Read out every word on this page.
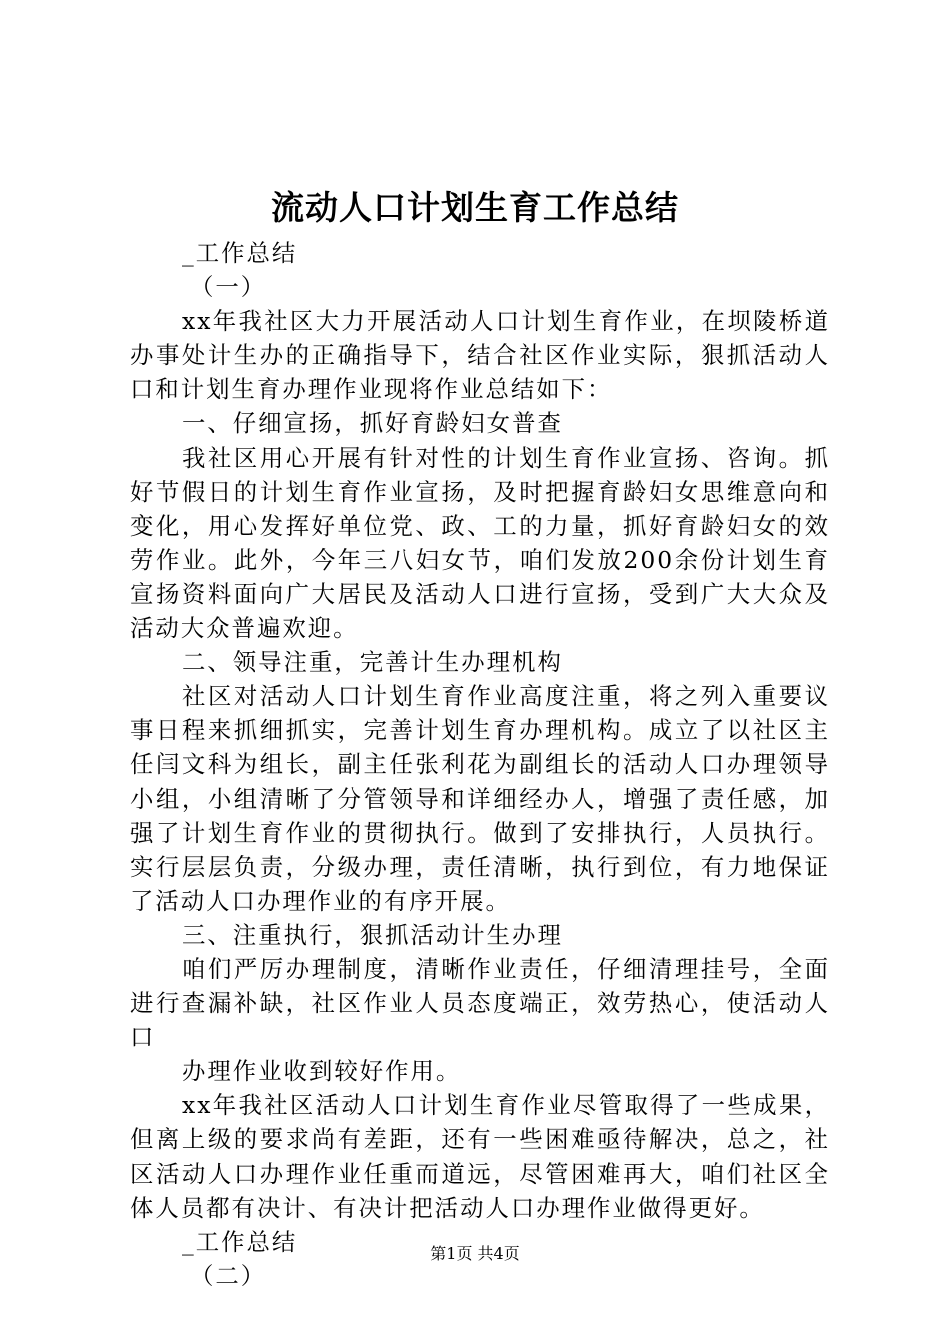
流动人口计划生育工作总结

_工作总结

（一）

xx年我社区大力开展活动人口计划生育作业，在坝陵桥道办事处计生办的正确指导下，结合社区作业实际，狠抓活动人口和计划生育办理作业现将作业总结如下：

一、仔细宣扬，抓好育龄妇女普查

我社区用心开展有针对性的计划生育作业宣扬、咨询。抓好节假日的计划生育作业宣扬，及时把握育龄妇女思维意向和变化，用心发挥好单位党、政、工的力量，抓好育龄妇女的效劳作业。此外，今年三八妇女节，咱们发放200余份计划生育宣扬资料面向广大居民及活动人口进行宣扬，受到广大大众及活动大众普遍欢迎。

二、领导注重，完善计生办理机构

社区对活动人口计划生育作业高度注重，将之列入重要议事日程来抓细抓实，完善计划生育办理机构。成立了以社区主任闫文科为组长，副主任张利花为副组长的活动人口办理领导小组，小组清晰了分管领导和详细经办人，增强了责任感，加强了计划生育作业的贯彻执行。做到了安排执行，人员执行。实行层层负责，分级办理，责任清晰，执行到位，有力地保证了活动人口办理作业的有序开展。

三、注重执行，狠抓活动计生办理

咱们严厉办理制度，清晰作业责任，仔细清理挂号，全面进行查漏补缺，社区作业人员态度端正，效劳热心，使活动人口

办理作业收到较好作用。

xx年我社区活动人口计划生育作业尽管取得了一些成果，但离上级的要求尚有差距，还有一些困难亟待解决，总之，社区活动人口办理作业任重而道远，尽管困难再大，咱们社区全体人员都有决计、有决计把活动人口办理作业做得更好。

_工作总结

（二）

第1页 共4页
